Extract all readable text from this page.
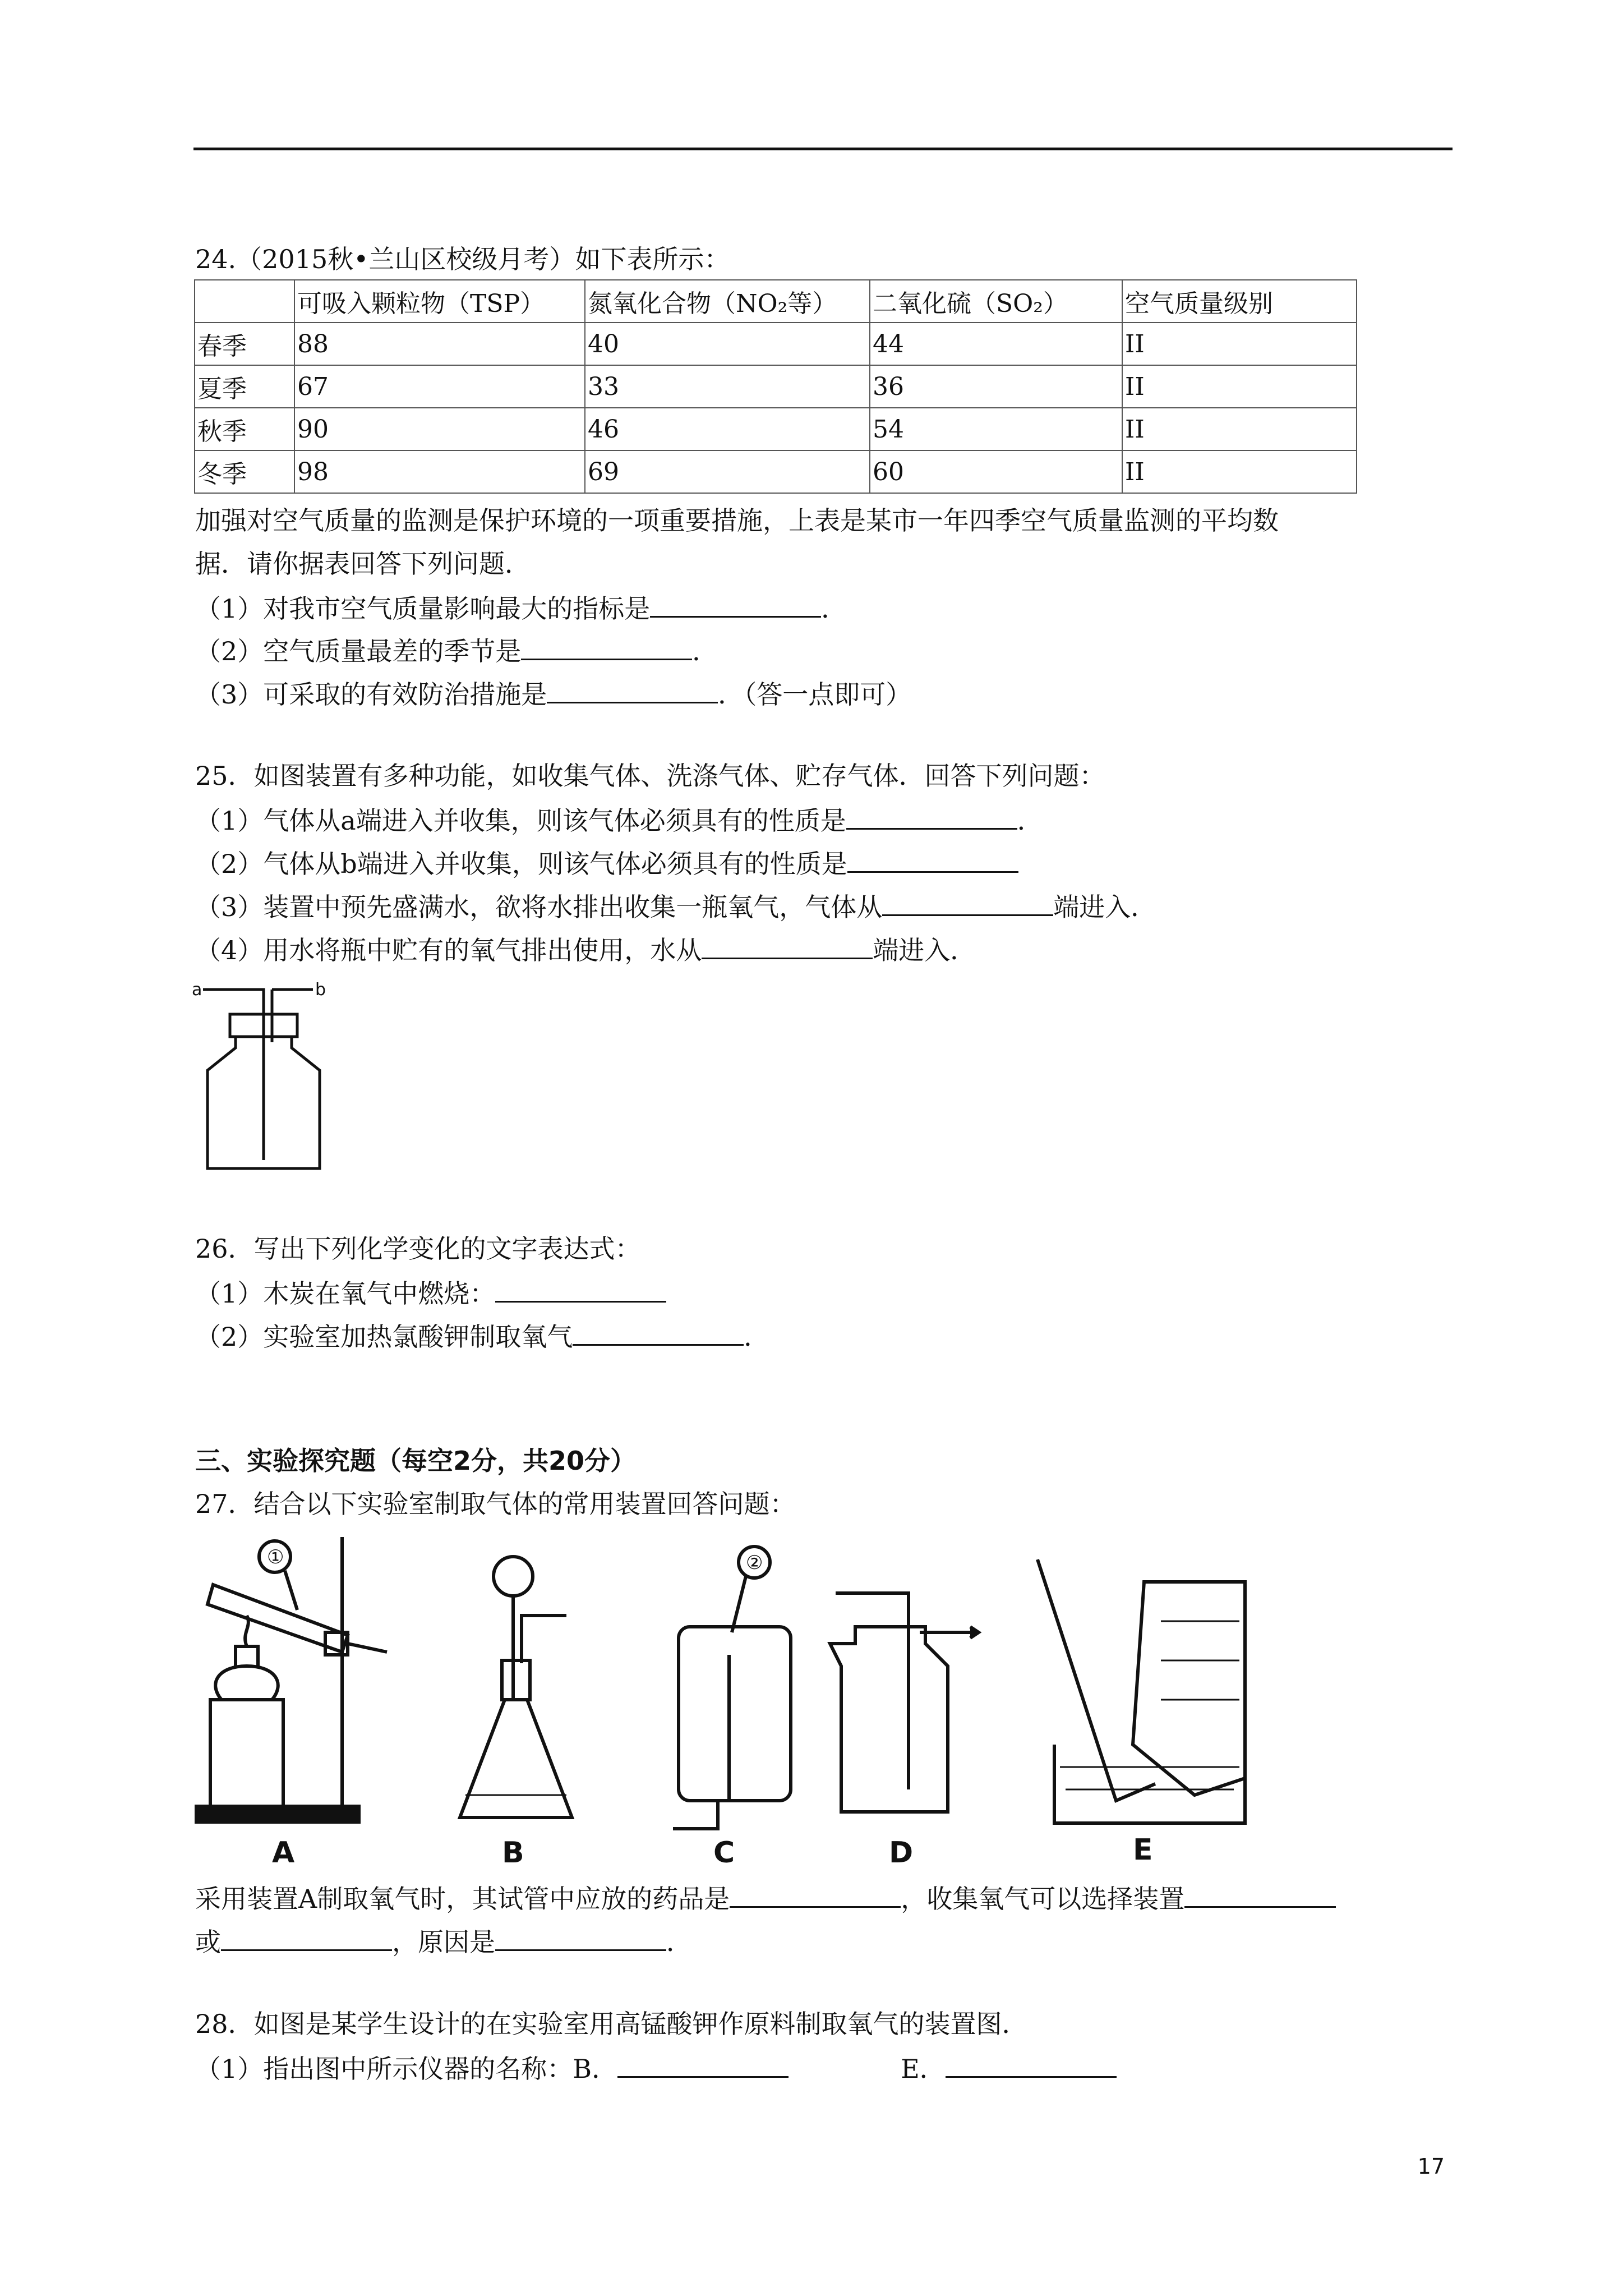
24.（2015秋•兰山区校级月考）如下表所示：
	可吸入颗粒物（TSP）	氮氧化合物（NO₂等）	二氧化硫（SO₂）	空气质量级别
春季	88	40	44	II
夏季	67	33	36	II
秋季	90	46	54	II
冬季	98	69	60	II
加强对空气质量的监测是保护环境的一项重要措施，上表是某市一年四季空气质量监测的平均数
据．请你据表回答下列问题．
（1）对我市空气质量影响最大的指标是	．
（2）空气质量最差的季节是	．
（3）可采取的有效防治措施是	．（答一点即可）
25．如图装置有多种功能，如收集气体、洗涤气体、贮存气体．回答下列问题：
（1）气体从a端进入并收集，则该气体必须具有的性质是	．
（2）气体从b端进入并收集，则该气体必须具有的性质是
（3）装置中预先盛满水，欲将水排出收集一瓶氧气，气体从	端进入．
（4）用水将瓶中贮有的氧气排出使用，水从	端进入．
a	b
26．写出下列化学变化的文字表达式：
（1）木炭在氧气中燃烧：
（2）实验室加热氯酸钾制取氧气	．
三、实验探究题（每空2分，共20分）
27．结合以下实验室制取气体的常用装置回答问题：
①	②
A	B	C	D	E
采用装置A制取氧气时，其试管中应放的药品是	，收集氧气可以选择装置
或	，原因是	．
28．如图是某学生设计的在实验室用高锰酸钾作原料制取氧气的装置图．
（1）指出图中所示仪器的名称：B．	E．
17
